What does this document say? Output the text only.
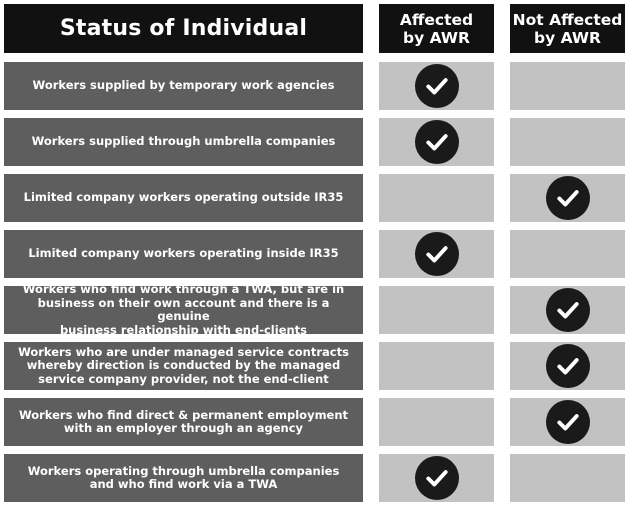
Status of Individual	Affected
by AWR
Not Affected
by AWR
Workers supplied by temporary work agencies
Workers supplied through umbrella companies
Limited company workers operating outside IR35
Limited company workers operating inside IR35
Workers who find work through a TWA, but are in
business on their own account and there is a genuine
business relationship with end-clients
Workers who are under managed service contracts
whereby direction is conducted by the managed
service company provider, not the end-client
Workers who find direct & permanent employment
with an employer through an agency
Workers operating through umbrella companies
and who find work via a TWA
